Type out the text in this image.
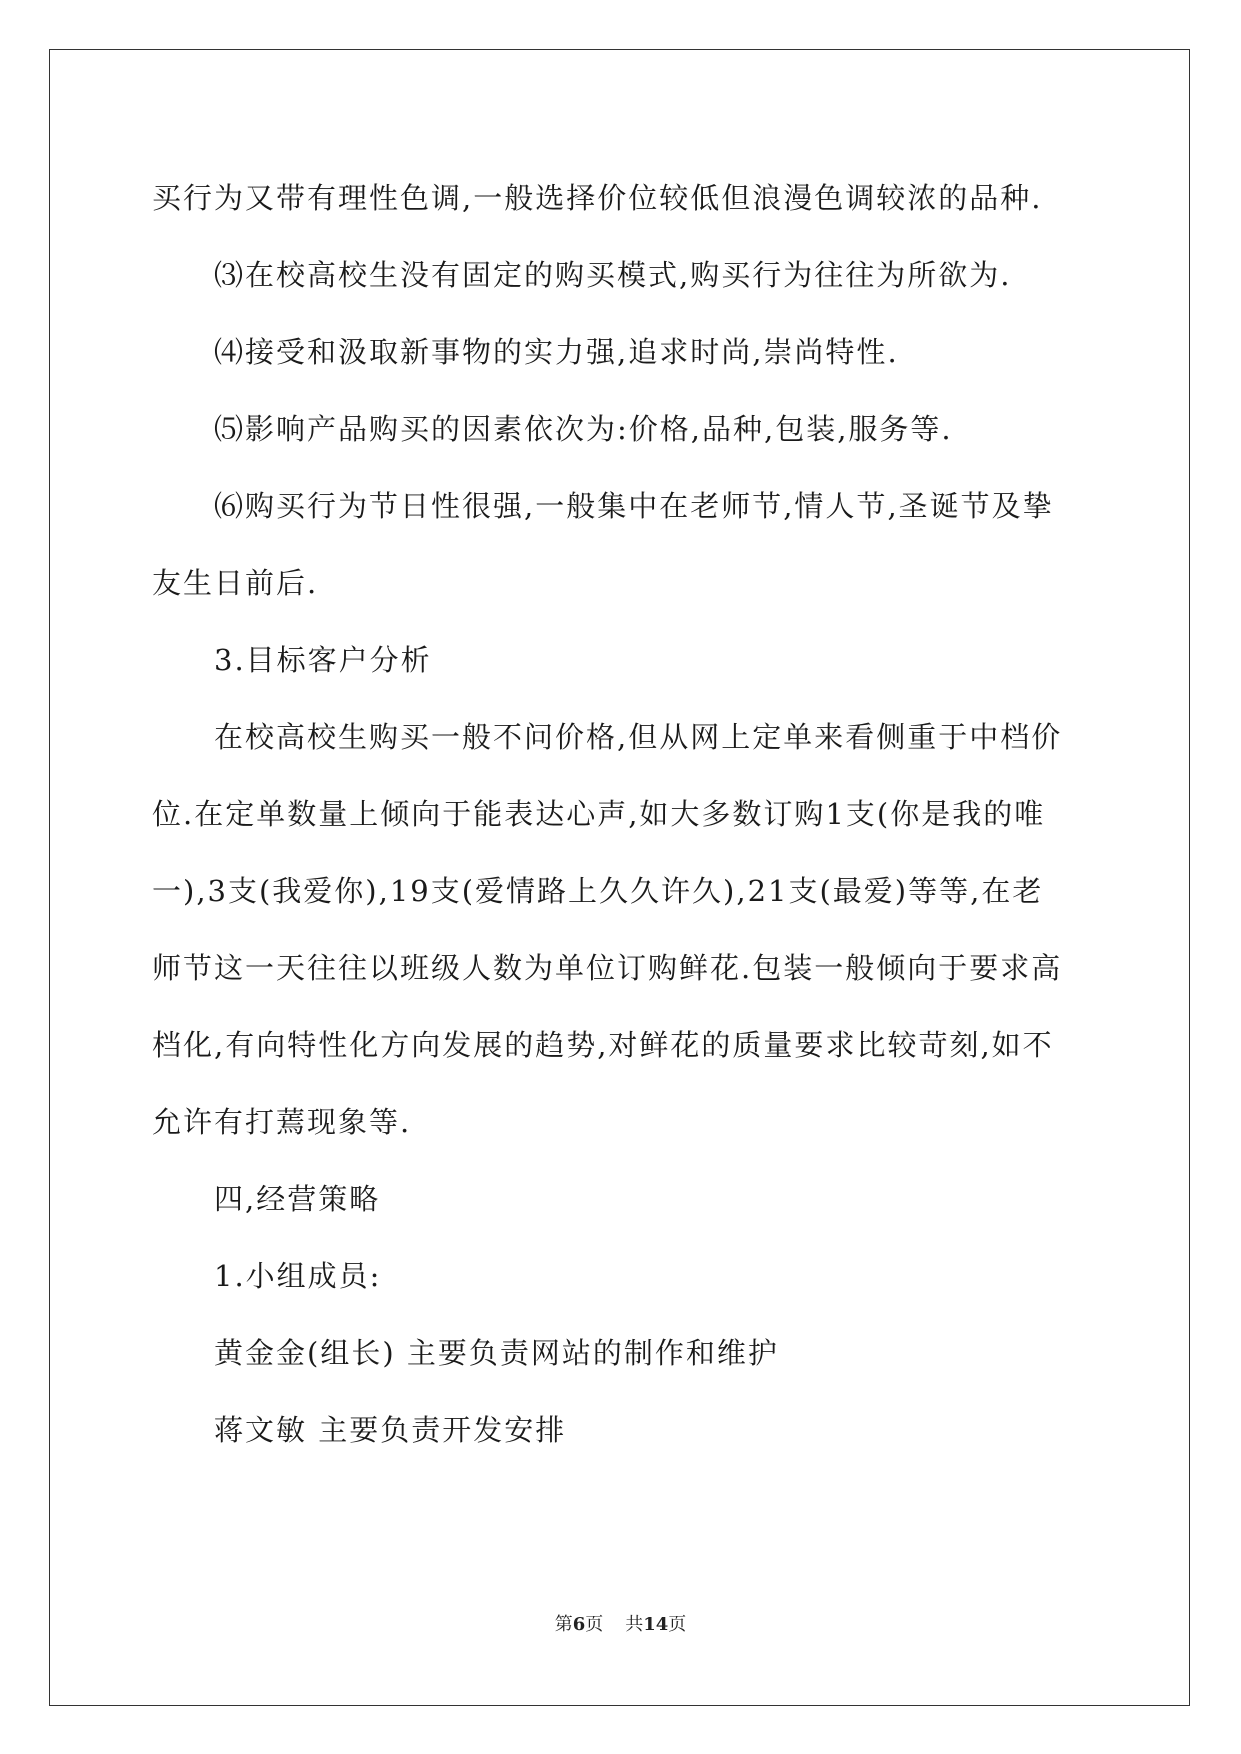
买行为又带有理性色调,一般选择价位较低但浪漫色调较浓的品种.

⑶在校高校生没有固定的购买模式,购买行为往往为所欲为.

⑷接受和汲取新事物的实力强,追求时尚,崇尚特性.

⑸影响产品购买的因素依次为:价格,品种,包装,服务等.

⑹购买行为节日性很强,一般集中在老师节,情人节,圣诞节及挚

友生日前后.

3.目标客户分析

在校高校生购买一般不问价格,但从网上定单来看侧重于中档价

位.在定单数量上倾向于能表达心声,如大多数订购1支(你是我的唯

一),3支(我爱你),19支(爱情路上久久许久),21支(最爱)等等,在老

师节这一天往往以班级人数为单位订购鲜花.包装一般倾向于要求高

档化,有向特性化方向发展的趋势,对鲜花的质量要求比较苛刻,如不

允许有打蔫现象等.

四,经营策略

1.小组成员:

黄金金(组长) 主要负责网站的制作和维护

蒋文敏 主要负责开发安排

第6页 共14页
